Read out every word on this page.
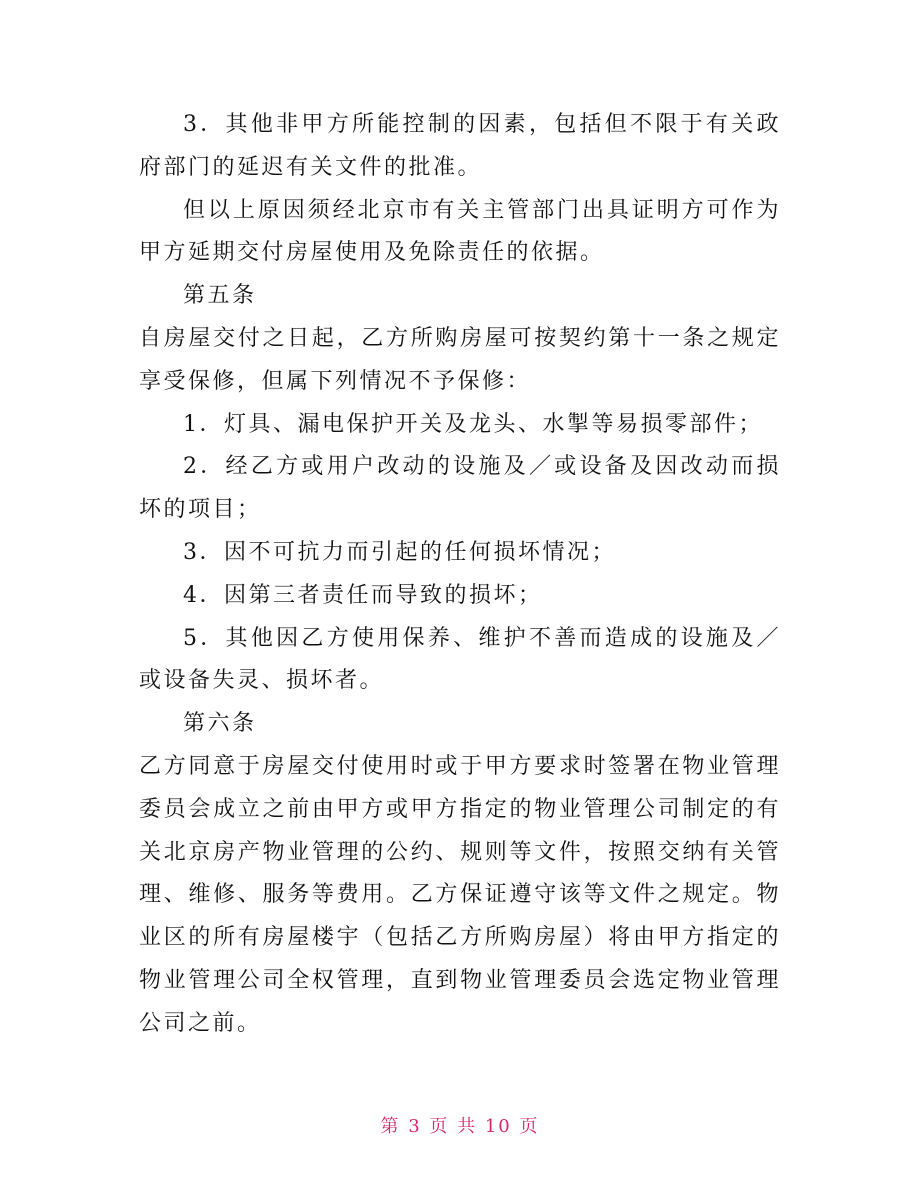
3．其他非甲方所能控制的因素，包括但不限于有关政府部门的延迟有关文件的批准。

但以上原因须经北京市有关主管部门出具证明方可作为甲方延期交付房屋使用及免除责任的依据。

第五条

自房屋交付之日起，乙方所购房屋可按契约第十一条之规定享受保修，但属下列情况不予保修：

1．灯具、漏电保护开关及龙头、水掣等易损零部件；

2．经乙方或用户改动的设施及／或设备及因改动而损坏的项目；

3．因不可抗力而引起的任何损坏情况；

4．因第三者责任而导致的损坏；

5．其他因乙方使用保养、维护不善而造成的设施及／或设备失灵、损坏者。

第六条

乙方同意于房屋交付使用时或于甲方要求时签署在物业管理委员会成立之前由甲方或甲方指定的物业管理公司制定的有关北京房产物业管理的公约、规则等文件，按照交纳有关管理、维修、服务等费用。乙方保证遵守该等文件之规定。物业区的所有房屋楼宇（包括乙方所购房屋）将由甲方指定的物业管理公司全权管理，直到物业管理委员会选定物业管理公司之前。

第 3 页 共 10 页
